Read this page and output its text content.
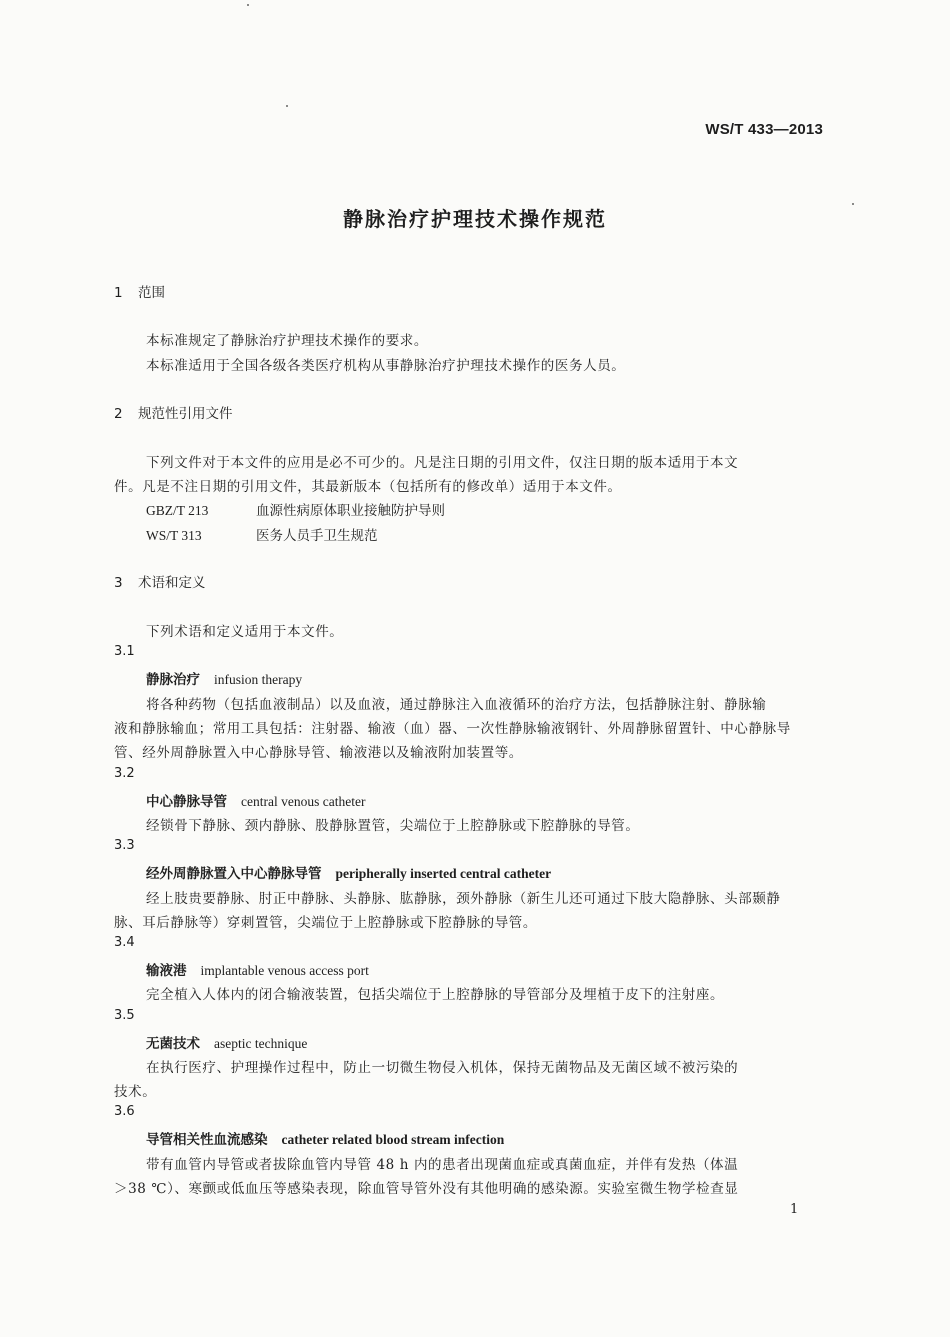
WS/T 433—2013
静脉治疗护理技术操作规范
1 范围
本标准规定了静脉治疗护理技术操作的要求。
本标准适用于全国各级各类医疗机构从事静脉治疗护理技术操作的医务人员。
2 规范性引用文件
下列文件对于本文件的应用是必不可少的。凡是注日期的引用文件，仅注日期的版本适用于本文
件。凡是不注日期的引用文件，其最新版本（包括所有的修改单）适用于本文件。
GBZ/T 213	血源性病原体职业接触防护导则
WS/T 313	医务人员手卫生规范
3 术语和定义
下列术语和定义适用于本文件。
3.1
静脉治疗 infusion therapy
将各种药物（包括血液制品）以及血液，通过静脉注入血液循环的治疗方法，包括静脉注射、静脉输
液和静脉输血；常用工具包括：注射器、输液（血）器、一次性静脉输液钢针、外周静脉留置针、中心静脉导
管、经外周静脉置入中心静脉导管、输液港以及输液附加装置等。
3.2
中心静脉导管 central venous catheter
经锁骨下静脉、颈内静脉、股静脉置管，尖端位于上腔静脉或下腔静脉的导管。
3.3
经外周静脉置入中心静脉导管 peripherally inserted central catheter
经上肢贵要静脉、肘正中静脉、头静脉、肱静脉，颈外静脉（新生儿还可通过下肢大隐静脉、头部颞静
脉、耳后静脉等）穿刺置管，尖端位于上腔静脉或下腔静脉的导管。
3.4
输液港 implantable venous access port
完全植入人体内的闭合输液装置，包括尖端位于上腔静脉的导管部分及埋植于皮下的注射座。
3.5
无菌技术 aseptic technique
在执行医疗、护理操作过程中，防止一切微生物侵入机体，保持无菌物品及无菌区域不被污染的
技术。
3.6
导管相关性血流感染 catheter related blood stream infection
带有血管内导管或者拔除血管内导管 48 h 内的患者出现菌血症或真菌血症，并伴有发热（体温
＞38 ℃）、寒颤或低血压等感染表现，除血管导管外没有其他明确的感染源。实验室微生物学检查显
1
